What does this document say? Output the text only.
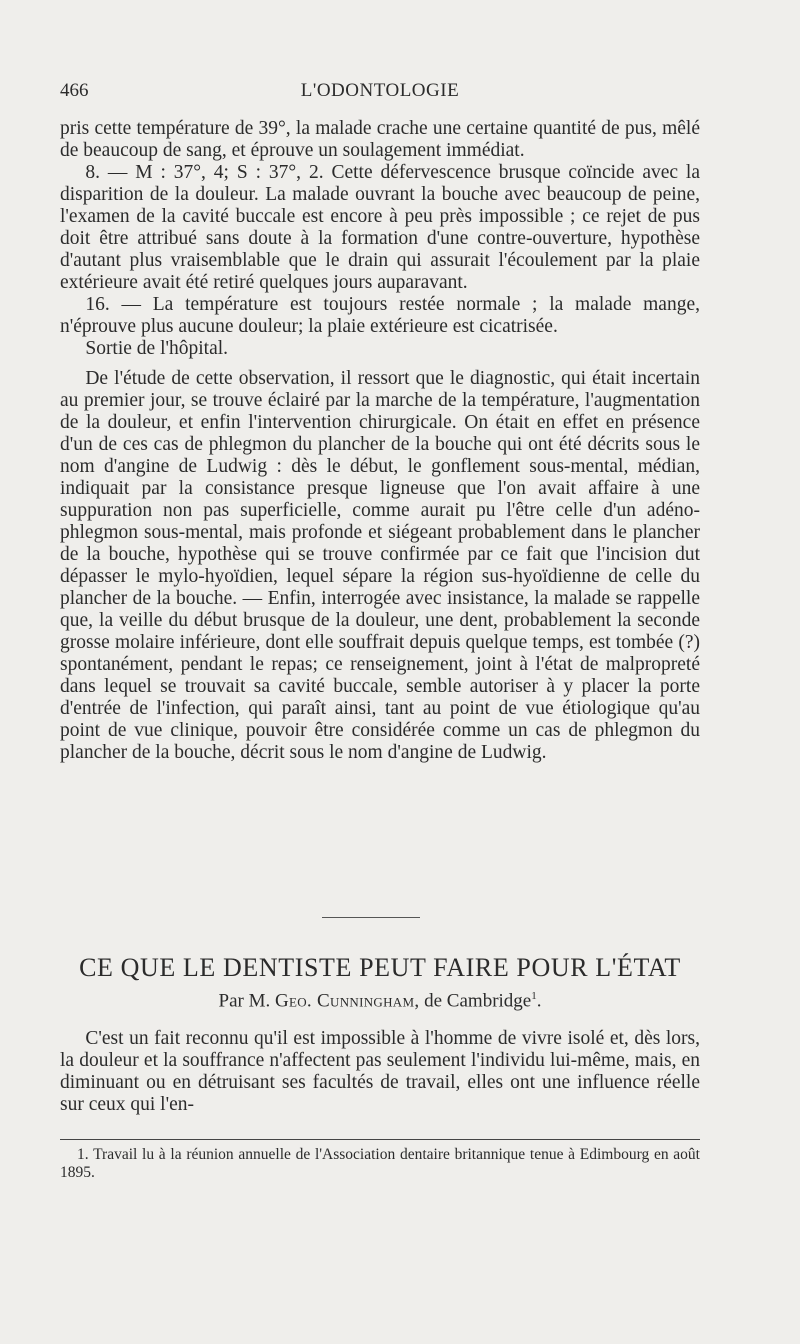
466	L'ODONTOLOGIE

pris cette température de 39°, la malade crache une certaine quantité de pus, mêlé de beaucoup de sang, et éprouve un soulagement immédiat.

8. — M : 37°, 4; S : 37°, 2. Cette défervescence brusque coïncide avec la disparition de la douleur. La malade ouvrant la bouche avec beaucoup de peine, l'examen de la cavité buccale est encore à peu près impossible ; ce rejet de pus doit être attribué sans doute à la formation d'une contre-ouverture, hypothèse d'autant plus vraisemblable que le drain qui assurait l'écoulement par la plaie extérieure avait été retiré quelques jours auparavant.

16. — La température est toujours restée normale ; la malade mange, n'éprouve plus aucune douleur; la plaie extérieure est cicatrisée.

Sortie de l'hôpital.

De l'étude de cette observation, il ressort que le diagnostic, qui était incertain au premier jour, se trouve éclairé par la marche de la température, l'augmentation de la douleur, et enfin l'intervention chirurgicale. On était en effet en présence d'un de ces cas de phlegmon du plancher de la bouche qui ont été décrits sous le nom d'angine de Ludwig : dès le début, le gonflement sous-mental, médian, indiquait par la consistance presque ligneuse que l'on avait affaire à une suppuration non pas superficielle, comme aurait pu l'être celle d'un adéno-phlegmon sous-mental, mais profonde et siégeant probablement dans le plancher de la bouche, hypothèse qui se trouve confirmée par ce fait que l'incision dut dépasser le mylo-hyoïdien, lequel sépare la région sus-hyoïdienne de celle du plancher de la bouche. — Enfin, interrogée avec insistance, la malade se rappelle que, la veille du début brusque de la douleur, une dent, probablement la seconde grosse molaire inférieure, dont elle souffrait depuis quelque temps, est tombée (?) spontanément, pendant le repas; ce renseignement, joint à l'état de malpropreté dans lequel se trouvait sa cavité buccale, semble autoriser à y placer la porte d'entrée de l'infection, qui paraît ainsi, tant au point de vue étiologique qu'au point de vue clinique, pouvoir être considérée comme un cas de phlegmon du plancher de la bouche, décrit sous le nom d'angine de Ludwig.

CE QUE LE DENTISTE PEUT FAIRE POUR L'ÉTAT
Par M. Geo. Cunningham, de Cambridge$^1$.

C'est un fait reconnu qu'il est impossible à l'homme de vivre isolé et, dès lors, la douleur et la souffrance n'affectent pas seulement l'individu lui-même, mais, en diminuant ou en détruisant ses facultés de travail, elles ont une influence réelle sur ceux qui l'en-

1. Travail lu à la réunion annuelle de l'Association dentaire britannique tenue à Edimbourg en août 1895.
